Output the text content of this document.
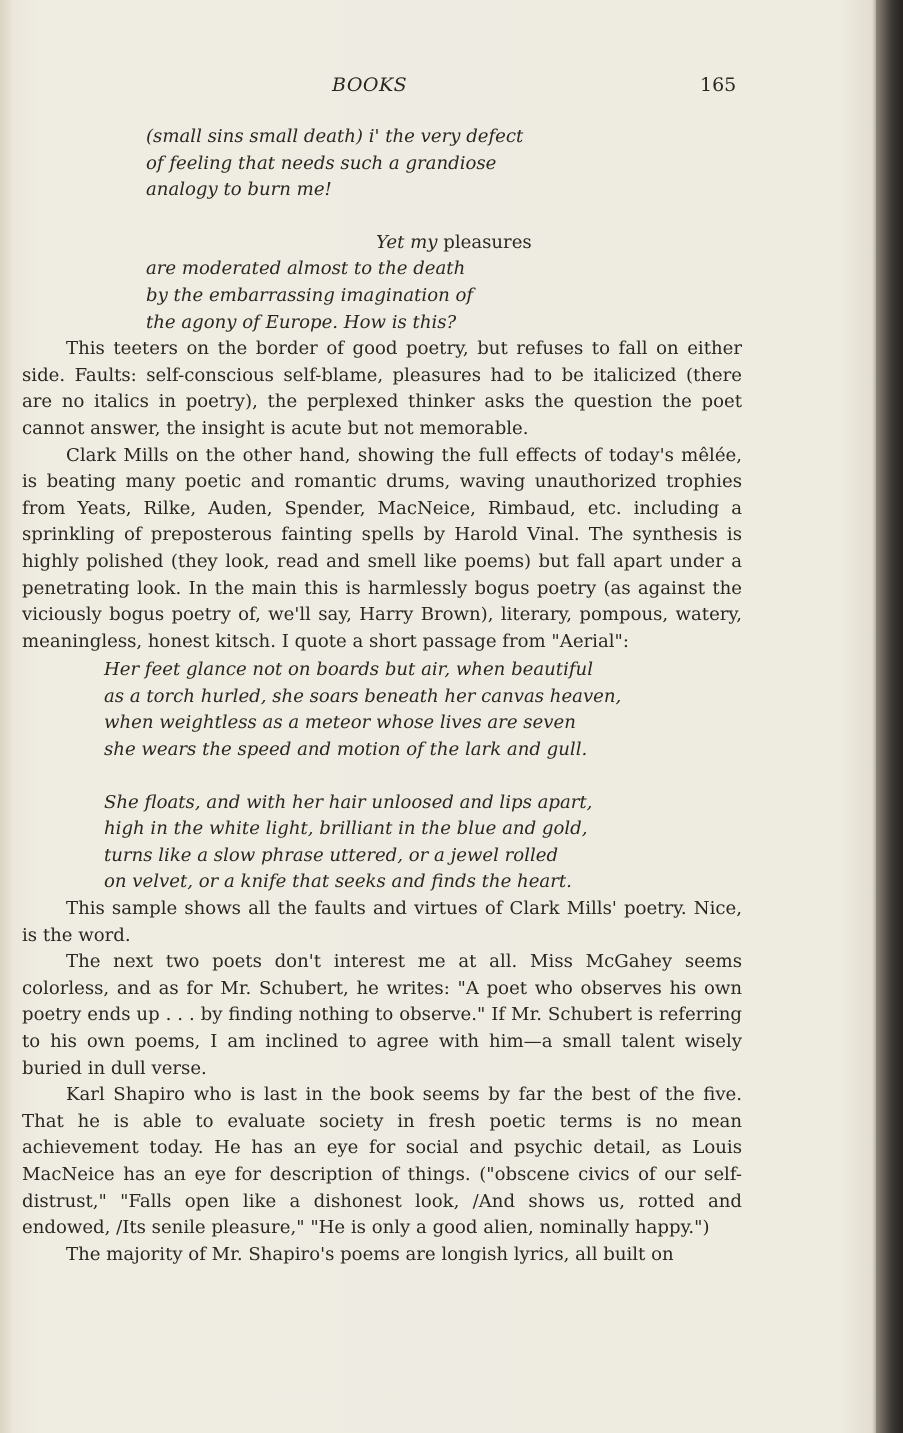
BOOKS	165
(small sins small death) i' the very defect
of feeling that needs such a grandiose
analogy to burn me!
Yet my pleasures
are moderated almost to the death
by the embarrassing imagination of
the agony of Europe. How is this?

This teeters on the border of good poetry, but refuses to fall on either side. Faults: self-conscious self-blame, pleasures had to be italicized (there are no italics in poetry), the perplexed thinker asks the question the poet cannot answer, the insight is acute but not memorable.

Clark Mills on the other hand, showing the full effects of today's mêlée, is beating many poetic and romantic drums, waving unauthorized trophies from Yeats, Rilke, Auden, Spender, MacNeice, Rimbaud, etc. including a sprinkling of preposterous fainting spells by Harold Vinal. The synthesis is highly polished (they look, read and smell like poems) but fall apart under a penetrating look. In the main this is harmlessly bogus poetry (as against the viciously bogus poetry of, we'll say, Harry Brown), literary, pompous, watery, meaningless, honest kitsch. I quote a short passage from "Aerial":

Her feet glance not on boards but air, when beautiful
as a torch hurled, she soars beneath her canvas heaven,
when weightless as a meteor whose lives are seven
she wears the speed and motion of the lark and gull.
She floats, and with her hair unloosed and lips apart,
high in the white light, brilliant in the blue and gold,
turns like a slow phrase uttered, or a jewel rolled
on velvet, or a knife that seeks and finds the heart.

This sample shows all the faults and virtues of Clark Mills' poetry. Nice, is the word.

The next two poets don't interest me at all. Miss McGahey seems colorless, and as for Mr. Schubert, he writes: "A poet who observes his own poetry ends up . . . by finding nothing to observe." If Mr. Schubert is referring to his own poems, I am inclined to agree with him—a small talent wisely buried in dull verse.

Karl Shapiro who is last in the book seems by far the best of the five. That he is able to evaluate society in fresh poetic terms is no mean achievement today. He has an eye for social and psychic detail, as Louis MacNeice has an eye for description of things. ("obscene civics of our self-distrust," "Falls open like a dishonest look, /And shows us, rotted and endowed, /Its senile pleasure," "He is only a good alien, nominally happy.")

The majority of Mr. Shapiro's poems are longish lyrics, all built on
